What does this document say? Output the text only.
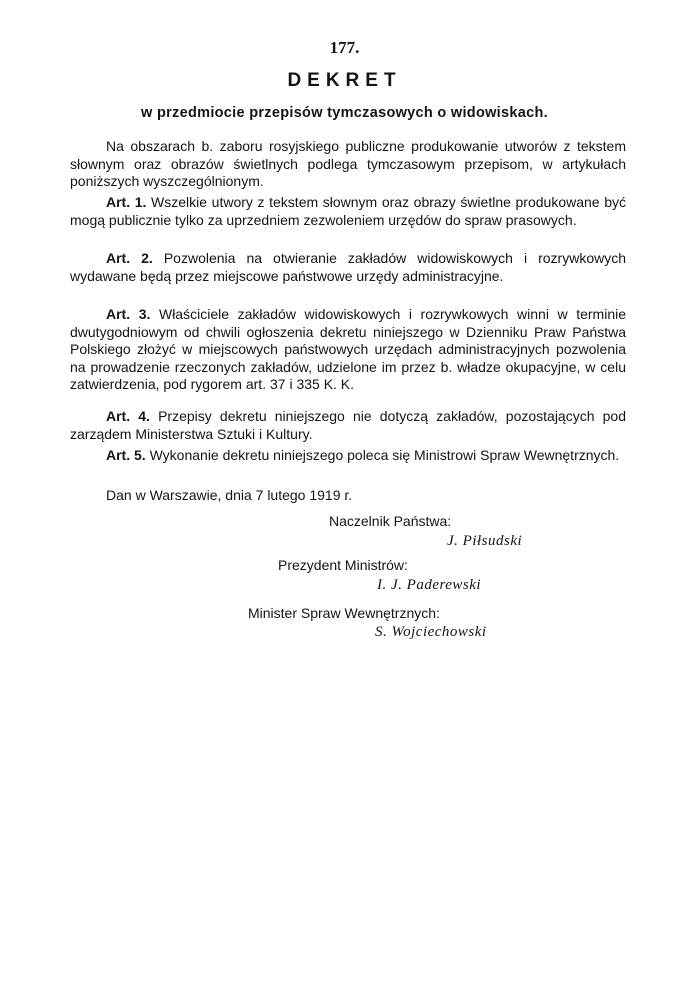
177.
DEKRET
w przedmiocie przepisów tymczasowych o widowiskach.

Na obszarach b. zaboru rosyjskiego publiczne produkowanie utworów z tekstem słownym oraz obrazów świetlnych podlega tymczasowym przepisom, w artykułach poniższych wyszczególnionym.

Art. 1. Wszelkie utwory z tekstem słownym oraz obrazy świetlne produkowane być mogą publicznie tylko za uprzedniem zezwoleniem urzędów do spraw prasowych.

Art. 2. Pozwolenia na otwieranie zakładów widowiskowych i rozrywkowych wydawane będą przez miejscowe państwowe urzędy administracyjne.

Art. 3. Właściciele zakładów widowiskowych i rozrywkowych winni w terminie dwutygodniowym od chwili ogłoszenia dekretu niniejszego w Dzienniku Praw Państwa Polskiego złożyć w miejscowych państwowych urzędach administracyjnych pozwolenia na prowadzenie rzeczonych zakładów, udzielone im przez b. władze okupacyjne, w celu zatwierdzenia, pod rygorem art. 37 i 335 K. K.

Art. 4. Przepisy dekretu niniejszego nie dotyczą zakładów, pozostających pod zarządem Ministerstwa Sztuki i Kultury.

Art. 5. Wykonanie dekretu niniejszego poleca się Ministrowi Spraw Wewnętrznych.

Dan w Warszawie, dnia 7 lutego 1919 r.
Naczelnik Państwa:
J. Piłsudski
Prezydent Ministrów:
I. J. Paderewski
Minister Spraw Wewnętrznych:
S. Wojciechowski
